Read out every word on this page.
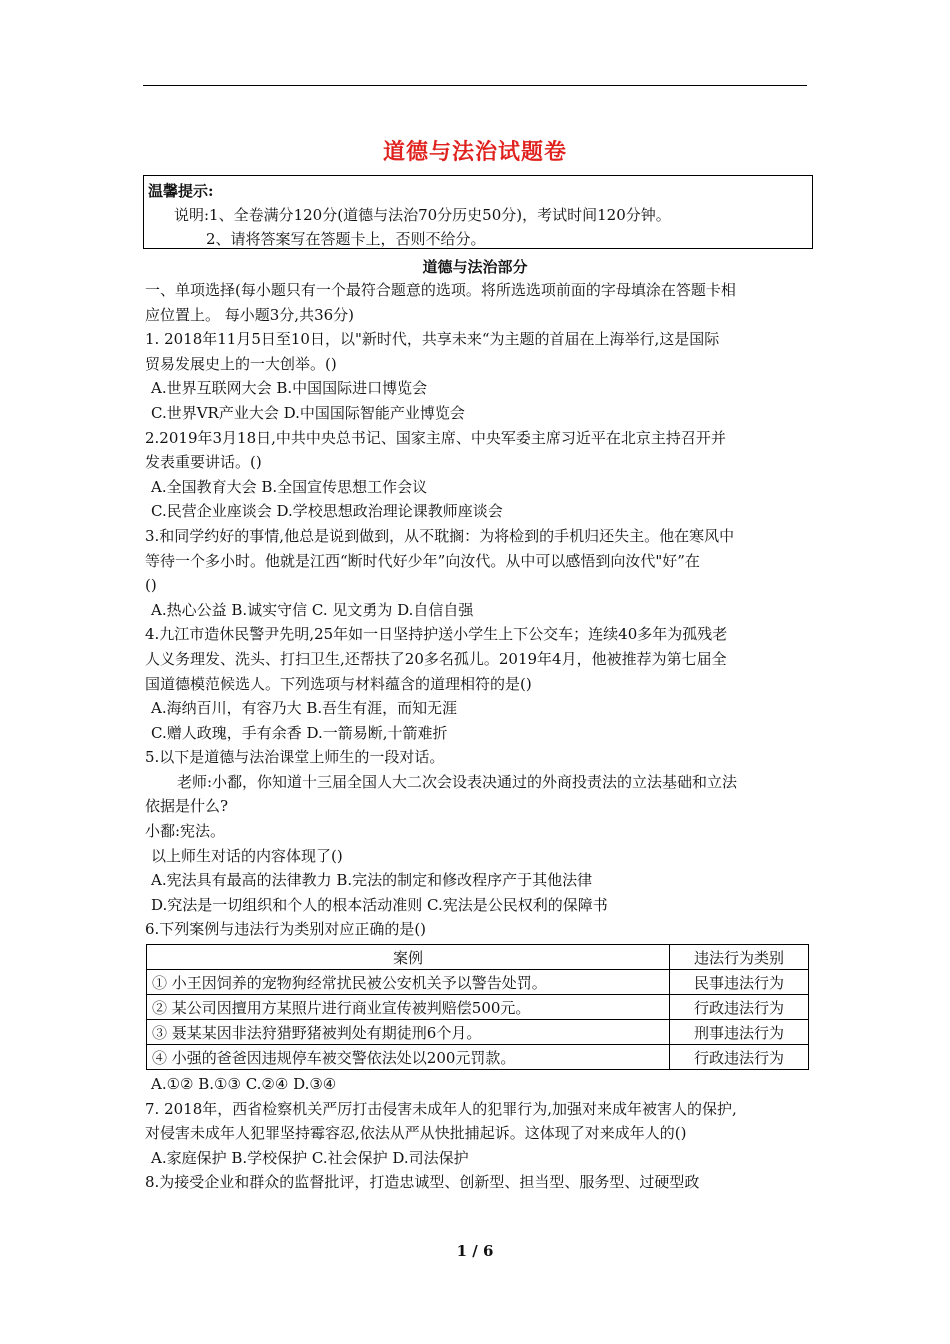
道德与法治试题卷
温馨提示:
说明:1、全卷满分120分(道德与法治70分历史50分)，考试时间120分钟。
2、请将答案写在答题卡上，否则不给分。
道德与法治部分
一、单项选择(每小题只有一个最符合题意的选项。将所选选项前面的字母填涂在答题卡相
应位置上。 每小题3分,共36分)
1. 2018年11月5日至10日，以"新时代，共享未来“为主题的首届在上海举行,这是国际
贸易发展史上的一大创举。()
A.世界互联网大会 B.中国国际进口博览会
C.世界VR产业大会 D.中国国际智能产业博览会
2.2019年3月18日,中共中央总书记、国家主席、中央军委主席习近平在北京主持召开并
发表重要讲话。()
A.全国教育大会 B.全国宣传思想工作会议
C.民营企业座谈会 D.学校思想政治理论课教师座谈会
3.和同学约好的事情,他总是说到做到，从不耽搁：为将检到的手机归还失主。他在寒风中
等待一个多小时。他就是江西“断时代好少年”向汝代。从中可以感悟到向汝代"好”在
()
A.热心公益 B.诚实守信 C. 见文勇为 D.自信自强
4.九江市造休民警尹先明,25年如一日坚持护送小学生上下公交车；连续40多年为孤残老
人义务理发、洗头、打扫卫生,还帮扶了20多名孤儿。2019年4月，他被推荐为第七届全
国道德模范候选人。下列选项与材料蕴含的道理相符的是()
A.海纳百川，有容乃大 B.吾生有涯，而知无涯
C.赠人政瑰，手有余香 D.一箭易断,十箭难折
5.以下是道德与法治课堂上师生的一段对话。
老师:小鄱，你知道十三届全国人大二次会设表决通过的外商投责法的立法基础和立法
依据是什么?
小鄱:宪法。
以上师生对话的内容体现了()
A.宪法具有最高的法律教力 B.完法的制定和修改程序产于其他法律
D.究法是一切组织和个人的根本活动准则 C.宪法是公民权利的保障书
6.下列案例与违法行为类别对应正确的是()
案例	违法行为类别
① 小王因饲养的宠物狗经常扰民被公安机关予以警告处罚。	民事违法行为
② 某公司因擅用方某照片进行商业宣传被判赔偿500元。	行政违法行为
③ 聂某某因非法狩猎野猪被判处有期徒刑6个月。	刑事违法行为
④ 小强的爸爸因违规停车被交警依法处以200元罚款。	行政违法行为
A.①② B.①③ C.②④ D.③④
7. 2018年，西省检察机关严厉打击侵害未成年人的犯罪行为,加强对来成年被害人的保护,
对侵害未成年人犯罪坚持霉容忍,依法从严从快批捕起诉。这体现了对来成年人的()
A.家庭保护 B.学校保护 C.社会保护 D.司法保护
8.为接受企业和群众的监督批评，打造忠诚型、创新型、担当型、服务型、过硬型政
1 / 6
